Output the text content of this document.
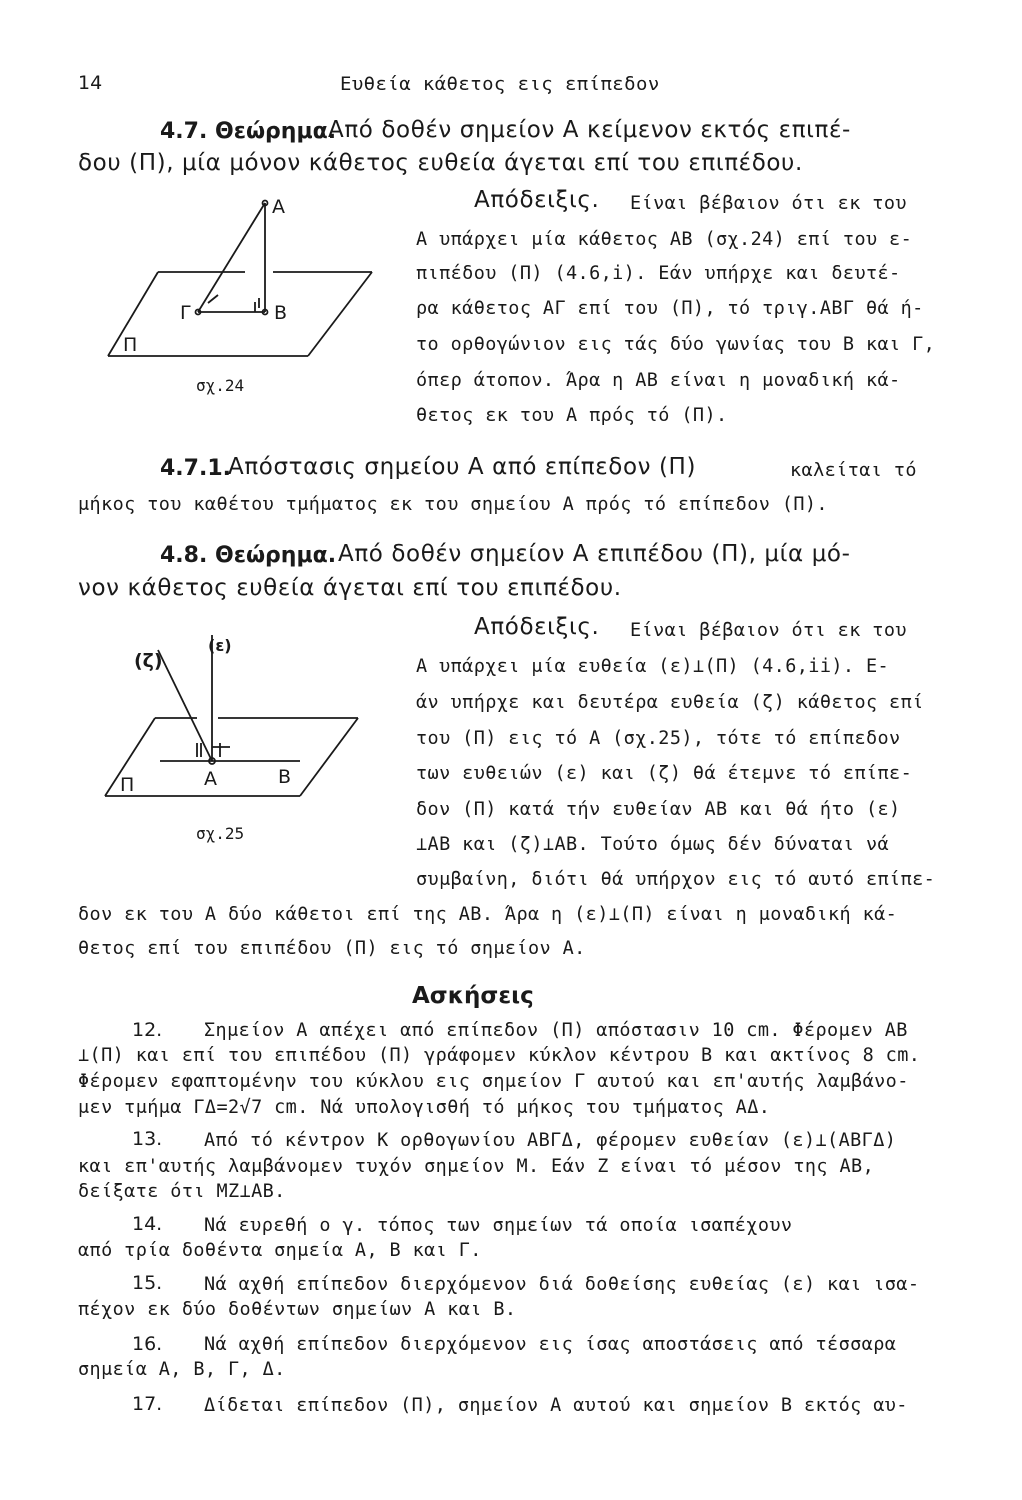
14	Ευθεία κάθετος εις επίπεδον
4.7. Θεώρημα.
Από δοθέν σημείον Α κείμενον εκτός επιπέ-
δου (Π), μία μόνον κάθετος ευθεία άγεται επί του επιπέδου.
Απόδειξις. Είναι βέβαιον ότι εκ του
Α υπάρχει μία κάθετος ΑΒ (σχ.24) επί του ε-
πιπέδου (Π) (4.6,i). Εάν υπήρχε και δευτέ-
ρα κάθετος ΑΓ επί του (Π), τό τριγ.ΑΒΓ θά ή-
το ορθογώνιον εις τάς δύο γωνίας του Β και Γ,
όπερ άτοπον. Άρα η ΑΒ είναι η μοναδική κά-
θετος εκ του Α πρός τό (Π).
A
B
Γ
Π
σχ.24
4.7.1.
Απόστασις σημείου Α από επίπεδον (Π)	καλείται τό
μήκος του καθέτου τμήματος εκ του σημείου Α πρός τό επίπεδον (Π).
4.8. Θεώρημα. Από δοθέν σημείον Α επιπέδου (Π), μία μό-
νον κάθετος ευθεία άγεται επί του επιπέδου.
Απόδειξις. Είναι βέβαιον ότι εκ του
Α υπάρχει μία ευθεία (ε)⊥(Π) (4.6,ii). Ε-
άν υπήρχε και δευτέρα ευθεία (ζ) κάθετος επί
του (Π) εις τό Α (σχ.25), τότε τό επίπεδον
των ευθειών (ε) και (ζ) θά έτεμνε τό επίπε-
δον (Π) κατά τήν ευθείαν ΑΒ και θά ήτο (ε)
⊥ΑΒ και (ζ)⊥ΑΒ. Τούτο όμως δέν δύναται νά
συμβαίνη, διότι θά υπήρχον εις τό αυτό επίπε-
δον εκ του Α δύο κάθετοι επί της ΑΒ. Άρα η (ε)⊥(Π) είναι η μοναδική κά-
θετος επί του επιπέδου (Π) εις τό σημείον Α.
(ζ)
(ε)
A	B
Π
σχ.25
Ασκήσεις
12. Σημείον Α απέχει από επίπεδον (Π) απόστασιν 10 cm. Φέρομεν ΑΒ
⊥(Π) και επί του επιπέδου (Π) γράφομεν κύκλον κέντρου Β και ακτίνος 8 cm.
Φέρομεν εφαπτομένην του κύκλου εις σημείον Γ αυτού και επ'αυτής λαμβάνο-
μεν τμήμα ΓΔ=2√7 cm. Νά υπολογισθή τό μήκος του τμήματος ΑΔ.
13. Από τό κέντρον Κ ορθογωνίου ΑΒΓΔ, φέρομεν ευθείαν (ε)⊥(ΑΒΓΔ)
και επ'αυτής λαμβάνομεν τυχόν σημείον Μ. Εάν Ζ είναι τό μέσον της ΑΒ,
δείξατε ότι ΜΖ⊥ΑΒ.
14. Νά ευρεθή ο γ. τόπος των σημείων τά οποία ισαπέχουν
από τρία δοθέντα σημεία Α, Β και Γ.
15. Νά αχθή επίπεδον διερχόμενον διά δοθείσης ευθείας (ε) και ισα-
πέχον εκ δύο δοθέντων σημείων Α και Β.
16. Νά αχθή επίπεδον διερχόμενον εις ίσας αποστάσεις από τέσσαρα
σημεία Α, Β, Γ, Δ.
17. Δίδεται επίπεδον (Π), σημείον Α αυτού και σημείον Β εκτός αυ-
